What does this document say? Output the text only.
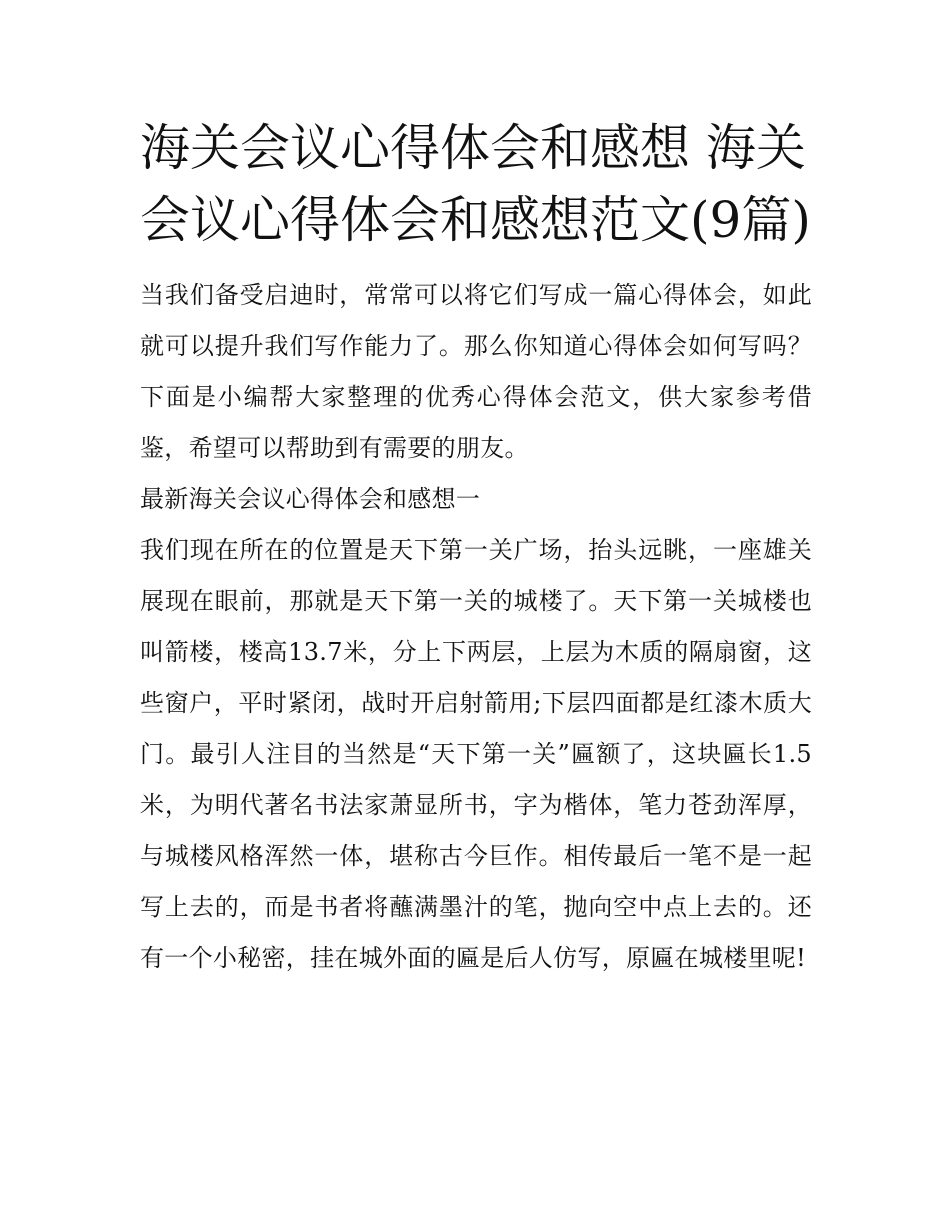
海关会议心得体会和感想 海关会议心得体会和感想范文(9篇)

当我们备受启迪时，常常可以将它们写成一篇心得体会，如此就可以提升我们写作能力了。那么你知道心得体会如何写吗？下面是小编帮大家整理的优秀心得体会范文，供大家参考借鉴，希望可以帮助到有需要的朋友。

最新海关会议心得体会和感想一

我们现在所在的位置是天下第一关广场，抬头远眺，一座雄关展现在眼前，那就是天下第一关的城楼了。天下第一关城楼也叫箭楼，楼高13.7米，分上下两层，上层为木质的隔扇窗，这些窗户，平时紧闭，战时开启射箭用;下层四面都是红漆木质大门。最引人注目的当然是“天下第一关”匾额了，这块匾长1.5米，为明代著名书法家萧显所书，字为楷体，笔力苍劲浑厚，与城楼风格浑然一体，堪称古今巨作。相传最后一笔不是一起写上去的，而是书者将蘸满墨汁的笔，抛向空中点上去的。还有一个小秘密，挂在城外面的匾是后人仿写，原匾在城楼里呢!
